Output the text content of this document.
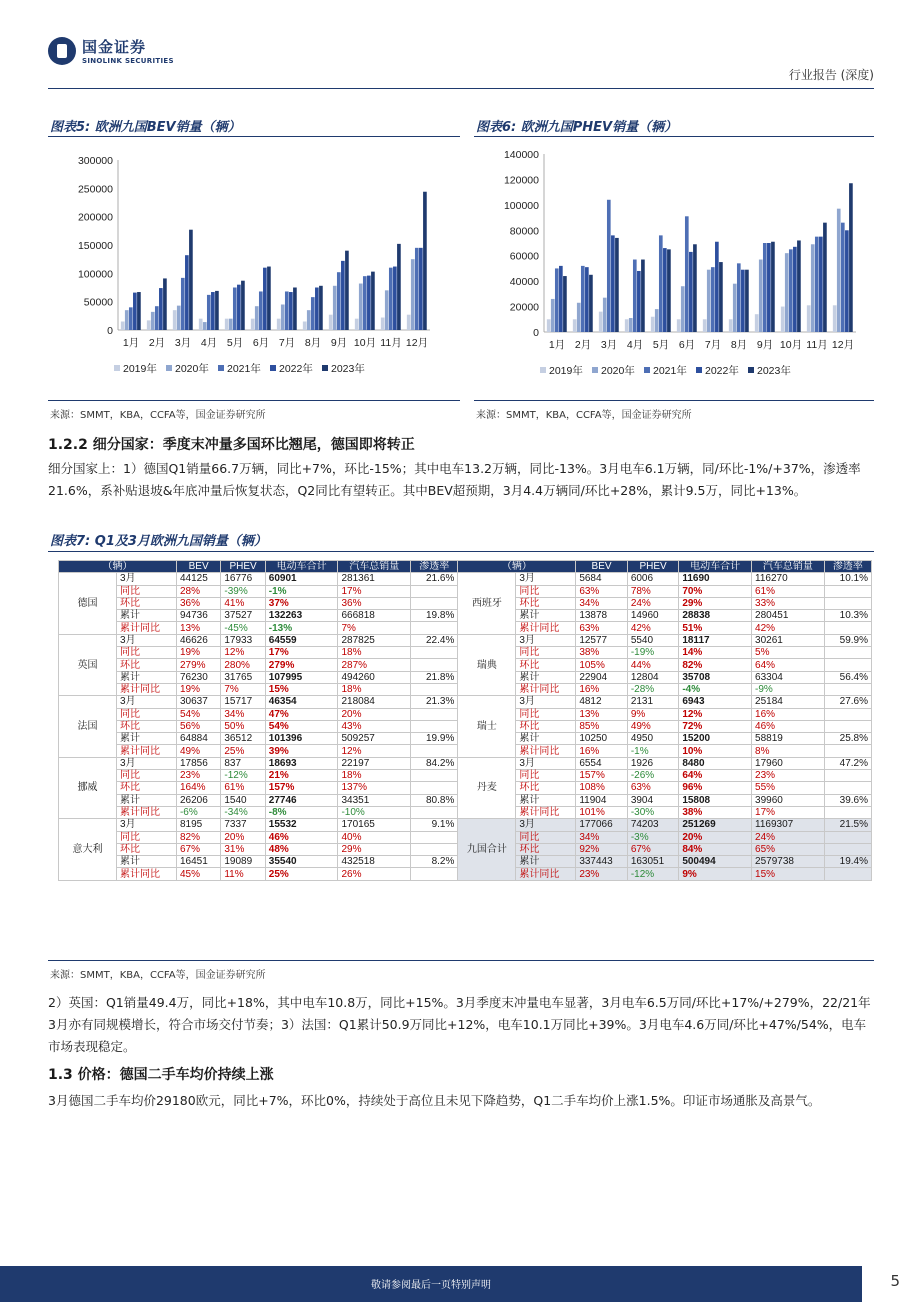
国金证券
SINOLINK SECURITIES
行业报告 (深度)
图表5: 欧洲九国BEV销量（辆）	图表6: 欧洲九国PHEV销量（辆）
0
50000
100000
150000
200000
250000
300000
1月 2月 3月 4月 5月 6月 7月 8月 9月 10月 11月 12月
2019年 2020年 2021年 2022年 2023年
0
20000
40000
60000
80000
100000
120000
140000
1月 2月 3月 4月 5月 6月 7月 8月 9月 10月 11月 12月
2019年 2020年 2021年 2022年 2023年
来源：SMMT，KBA，CCFA等，国金证券研究所	来源：SMMT，KBA，CCFA等，国金证券研究所
1.2.2 细分国家：季度末冲量多国环比翘尾，德国即将转正
细分国家上：1）德国Q1销量66.7万辆，同比+7%，环比-15%；其中电车13.2万辆，同比-13%。3月电车6.1万辆，同/环比-1%/+37%，渗透率21.6%，系补贴退坡&年底冲量后恢复状态，Q2同比有望转正。其中BEV超预期，3月4.4万辆同/环比+28%，累计9.5万，同比+13%。
图表7: Q1及3月欧洲九国销量（辆）
（辆）		BEV	PHEV	电动车合计	汽车总销量	渗透率	（辆）		BEV	PHEV	电动车合计	汽车总销量	渗透率
德国	3月	44125	16776	60901	281361	21.6%	西班牙	3月	5684	6006	11690	116270	10.1%
	同比	28%	-39%	-1%	17%			同比	63%	78%	70%	61%	
	环比	36%	41%	37%	36%			环比	34%	24%	29%	33%	
	累计	94736	37527	132263	666818	19.8%		累计	13878	14960	28838	280451	10.3%
	累计同比	13%	-45%	-13%	7%			累计同比	63%	42%	51%	42%	
英国	3月	46626	17933	64559	287825	22.4%	瑞典	3月	12577	5540	18117	30261	59.9%
	同比	19%	12%	17%	18%			同比	38%	-19%	14%	5%	
	环比	279%	280%	279%	287%			环比	105%	44%	82%	64%	
	累计	76230	31765	107995	494260	21.8%		累计	22904	12804	35708	63304	56.4%
	累计同比	19%	7%	15%	18%			累计同比	16%	-28%	-4%	-9%	
法国	3月	30637	15717	46354	218084	21.3%	瑞士	3月	4812	2131	6943	25184	27.6%
	同比	54%	34%	47%	20%			同比	13%	9%	12%	16%	
	环比	56%	50%	54%	43%			环比	85%	49%	72%	46%	
	累计	64884	36512	101396	509257	19.9%		累计	10250	4950	15200	58819	25.8%
	累计同比	49%	25%	39%	12%			累计同比	16%	-1%	10%	8%	
挪威	3月	17856	837	18693	22197	84.2%	丹麦	3月	6554	1926	8480	17960	47.2%
	同比	23%	-12%	21%	18%			同比	157%	-26%	64%	23%	
	环比	164%	61%	157%	137%			环比	108%	63%	96%	55%	
	累计	26206	1540	27746	34351	80.8%		累计	11904	3904	15808	39960	39.6%
	累计同比	-6%	-34%	-8%	-10%			累计同比	101%	-30%	38%	17%	
意大利	3月	8195	7337	15532	170165	9.1%	九国合计	3月	177066	74203	251269	1169307	21.5%
	同比	82%	20%	46%	40%			同比	34%	-3%	20%	24%	
	环比	67%	31%	48%	29%			环比	92%	67%	84%	65%	
	累计	16451	19089	35540	432518	8.2%		累计	337443	163051	500494	2579738	19.4%
	累计同比	45%	11%	25%	26%			累计同比	23%	-12%	9%	15%	
来源：SMMT，KBA，CCFA等，国金证券研究所
2）英国：Q1销量49.4万，同比+18%，其中电车10.8万，同比+15%。3月季度末冲量电车显著，3月电车6.5万同/环比+17%/+279%，22/21年3月亦有同规模增长，符合市场交付节奏；3）法国：Q1累计50.9万同比+12%，电车10.1万同比+39%。3月电车4.6万同/环比+47%/54%，电车市场表现稳定。
1.3 价格：德国二手车均价持续上涨
3月德国二手车均价29180欧元，同比+7%，环比0%，持续处于高位且未见下降趋势，Q1二手车均价上涨1.5%。印证市场通胀及高景气。
敬请参阅最后一页特别声明	5
